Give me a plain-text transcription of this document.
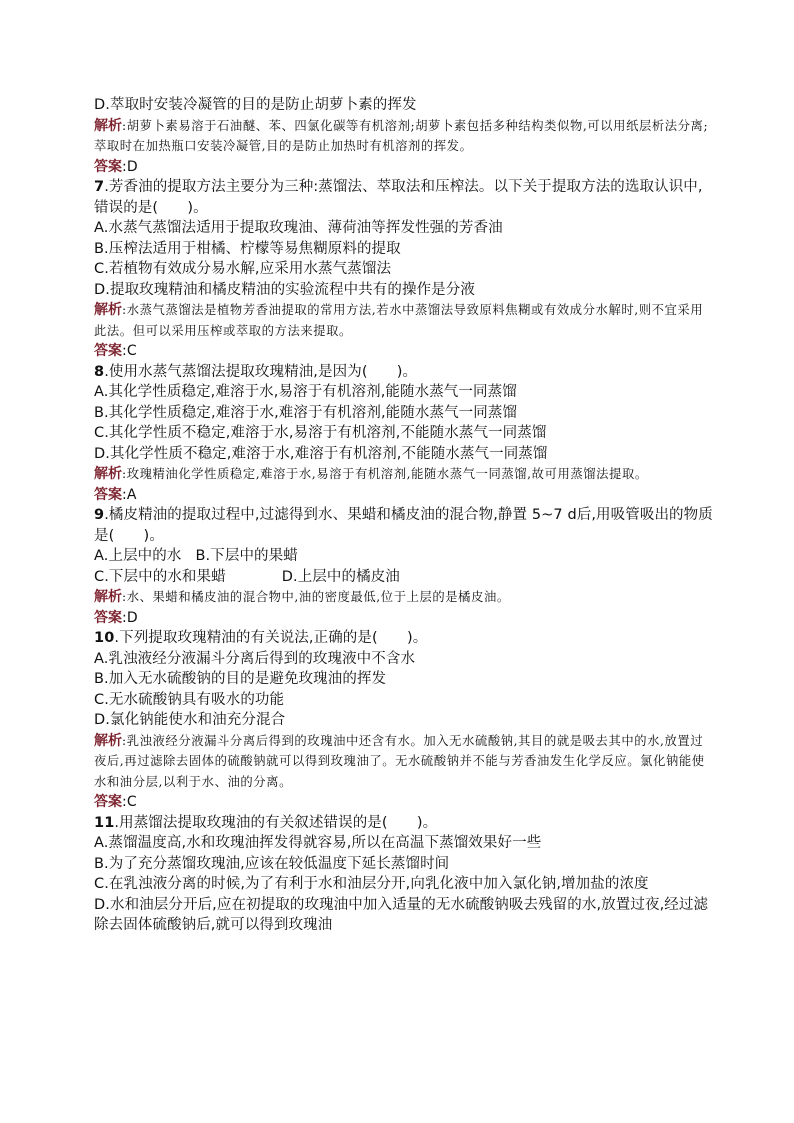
D.萃取时安装冷凝管的目的是防止胡萝卜素的挥发
解析:胡萝卜素易溶于石油醚、苯、四氯化碳等有机溶剂;胡萝卜素包括多种结构类似物,可以用纸层析法分离;萃取时在加热瓶口安装冷凝管,目的是防止加热时有机溶剂的挥发。
答案:D
7.芳香油的提取方法主要分为三种:蒸馏法、萃取法和压榨法。以下关于提取方法的选取认识中,错误的是(　　)。
A.水蒸气蒸馏法适用于提取玫瑰油、薄荷油等挥发性强的芳香油
B.压榨法适用于柑橘、柠檬等易焦糊原料的提取
C.若植物有效成分易水解,应采用水蒸气蒸馏法
D.提取玫瑰精油和橘皮精油的实验流程中共有的操作是分液
解析:水蒸气蒸馏法是植物芳香油提取的常用方法,若水中蒸馏法导致原料焦糊或有效成分水解时,则不宜采用此法。但可以采用压榨或萃取的方法来提取。
答案:C
8.使用水蒸气蒸馏法提取玫瑰精油,是因为(　　)。
A.其化学性质稳定,难溶于水,易溶于有机溶剂,能随水蒸气一同蒸馏
B.其化学性质稳定,难溶于水,难溶于有机溶剂,能随水蒸气一同蒸馏
C.其化学性质不稳定,难溶于水,易溶于有机溶剂,不能随水蒸气一同蒸馏
D.其化学性质不稳定,难溶于水,难溶于有机溶剂,不能随水蒸气一同蒸馏
解析:玫瑰精油化学性质稳定,难溶于水,易溶于有机溶剂,能随水蒸气一同蒸馏,故可用蒸馏法提取。
答案:A
9.橘皮精油的提取过程中,过滤得到水、果蜡和橘皮油的混合物,静置 5~7 d后,用吸管吸出的物质是(　　)。
A.上层中的水 B.下层中的果蜡
C.下层中的水和果蜡	D.上层中的橘皮油
解析:水、果蜡和橘皮油的混合物中,油的密度最低,位于上层的是橘皮油。
答案:D
10.下列提取玫瑰精油的有关说法,正确的是(　　)。
A.乳浊液经分液漏斗分离后得到的玫瑰液中不含水
B.加入无水硫酸钠的目的是避免玫瑰油的挥发
C.无水硫酸钠具有吸水的功能
D.氯化钠能使水和油充分混合
解析:乳浊液经分液漏斗分离后得到的玫瑰油中还含有水。加入无水硫酸钠,其目的就是吸去其中的水,放置过夜后,再过滤除去固体的硫酸钠就可以得到玫瑰油了。无水硫酸钠并不能与芳香油发生化学反应。氯化钠能使水和油分层,以利于水、油的分离。
答案:C
11.用蒸馏法提取玫瑰油的有关叙述错误的是(　　)。
A.蒸馏温度高,水和玫瑰油挥发得就容易,所以在高温下蒸馏效果好一些
B.为了充分蒸馏玫瑰油,应该在较低温度下延长蒸馏时间
C.在乳浊液分离的时候,为了有利于水和油层分开,向乳化液中加入氯化钠,增加盐的浓度
D.水和油层分开后,应在初提取的玫瑰油中加入适量的无水硫酸钠吸去残留的水,放置过夜,经过滤除去固体硫酸钠后,就可以得到玫瑰油
